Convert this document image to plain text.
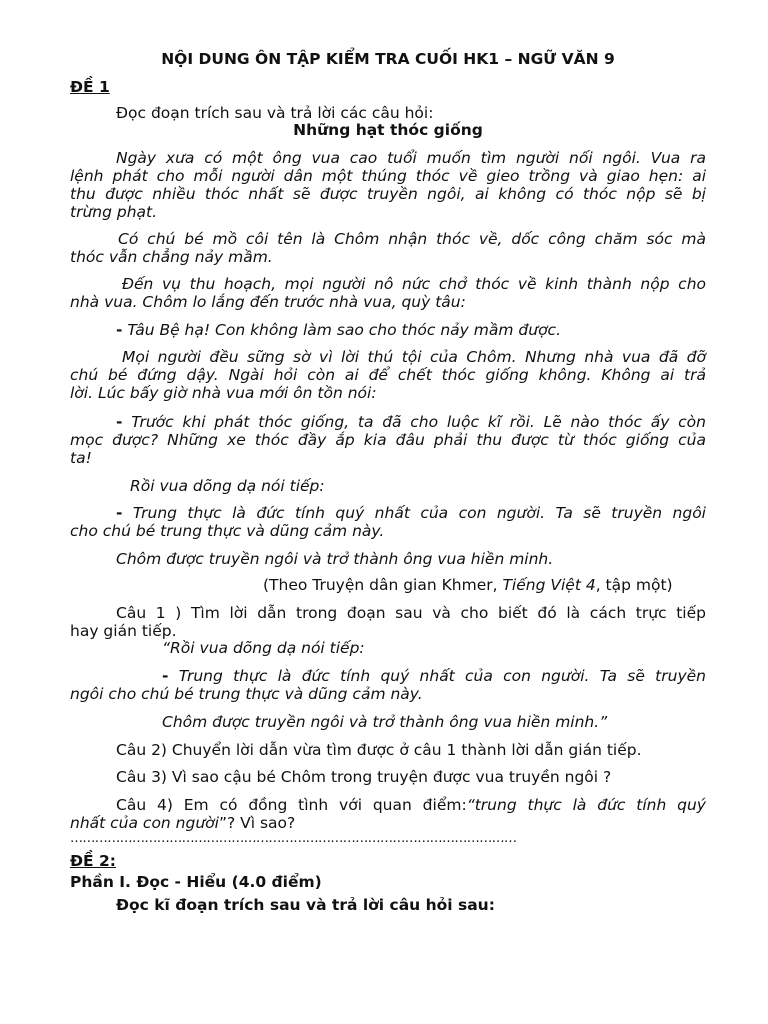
NỘI DUNG ÔN TẬP KIỂM TRA CUỐI HK1 – NGỮ VĂN 9
ĐỀ 1
Đọc đoạn trích sau và trả lời các câu hỏi:
Những hạt thóc giống
Ngày xưa có một ông vua cao tuổi muốn tìm người nối ngôi. Vua ra
lệnh phát cho mỗi người dân một thúng thóc về gieo trồng và giao hẹn: ai
thu được nhiều thóc nhất sẽ được truyền ngôi, ai không có thóc nộp sẽ bị
trừng phạt.
Có chú bé mồ côi tên là Chôm nhận thóc về, dốc công chăm sóc mà
thóc vẫn chẳng nảy mầm.
Đến vụ thu hoạch, mọi người nô nức chở thóc về kinh thành nộp cho
nhà vua. Chôm lo lắng đến trước nhà vua, quỳ tâu:
- Tâu Bệ hạ! Con không làm sao cho thóc nảy mầm được.
Mọi người đều sững sờ vì lời thú tội của Chôm. Nhưng nhà vua đã đỡ
chú bé đứng dậy. Ngài hỏi còn ai để chết thóc giống không. Không ai trả
lời. Lúc bấy giờ nhà vua mới ôn tồn nói:
- Trước khi phát thóc giống, ta đã cho luộc kĩ rồi. Lẽ nào thóc ấy còn
mọc được? Những xe thóc đầy ắp kia đâu phải thu được từ thóc giống của
ta!
Rồi vua dõng dạ nói tiếp:
- Trung thực là đức tính quý nhất của con người. Ta sẽ truyền ngôi
cho chú bé trung thực và dũng cảm này.
Chôm được truyền ngôi và trở thành ông vua hiền minh.
(Theo Truyện dân gian Khmer, Tiếng Việt 4, tập một)
Câu 1 ) Tìm lời dẫn trong đoạn sau và cho biết đó là cách trực tiếp
hay gián tiếp.
“Rồi vua dõng dạ nói tiếp:
- Trung thực là đức tính quý nhất của con người. Ta sẽ truyền
ngôi cho chú bé trung thực và dũng cảm này.
Chôm được truyền ngôi và trở thành ông vua hiền minh.”
Câu 2) Chuyển lời dẫn vừa tìm được ở câu 1 thành lời dẫn gián tiếp.
Câu 3) Vì sao cậu bé Chôm trong truyện được vua truyền ngôi ?
Câu 4) Em có đồng tình với quan điểm:“trung thực là đức tính quý
nhất của con người”? Vì sao?
………………………………………………………………………………………………
ĐỀ 2:
Phần I. Đọc - Hiểu (4.0 điểm)
Đọc kĩ đoạn trích sau và trả lời câu hỏi sau:
